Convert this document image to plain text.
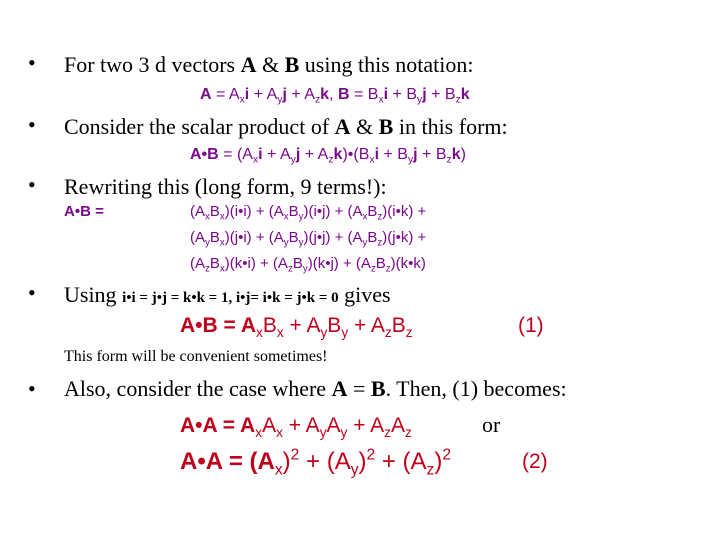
• For two 3 d vectors A & B using this notation:
$A = A_xi + A_yj + A_zk$, $B = B_xi + B_yj + B_zk$
• Consider the scalar product of A & B in this form:
A•B = ($A_xi + A_yj$ + $A_zk)•(B_xi + B_yj + B_zk)$
• Rewriting this (long form, 9 terms!):
A•B =	$(A_xB_x)(i•i)$ + $(A_xB_y)(i•j)$ + $(A_xB_z)(i•k)$ +
$(A_yB_x)(j•i)$ + $(A_yB_y)(j•j)$ + $(A_yB_z)(j•k)$ +
$(A_zB_x)(k•i)$ + $(A_zB_y)(k•j)$ + $(A_zB_z)(k•k)$
• Using i•i = j•j = k•k = 1, i•j= i•k = j•k = 0 gives
A•B = $A_xB_x + A_yB_y + A_zB_z$	(1)
This form will be convenient sometimes!
• Also, consider the case where A = B. Then, (1) becomes:
A•A = $A_xA_x + A_yA_y + A_zA_z$	or
A•A = $(A_x)^2 + (A_y)^2 + (A_z)^2$	(2)
